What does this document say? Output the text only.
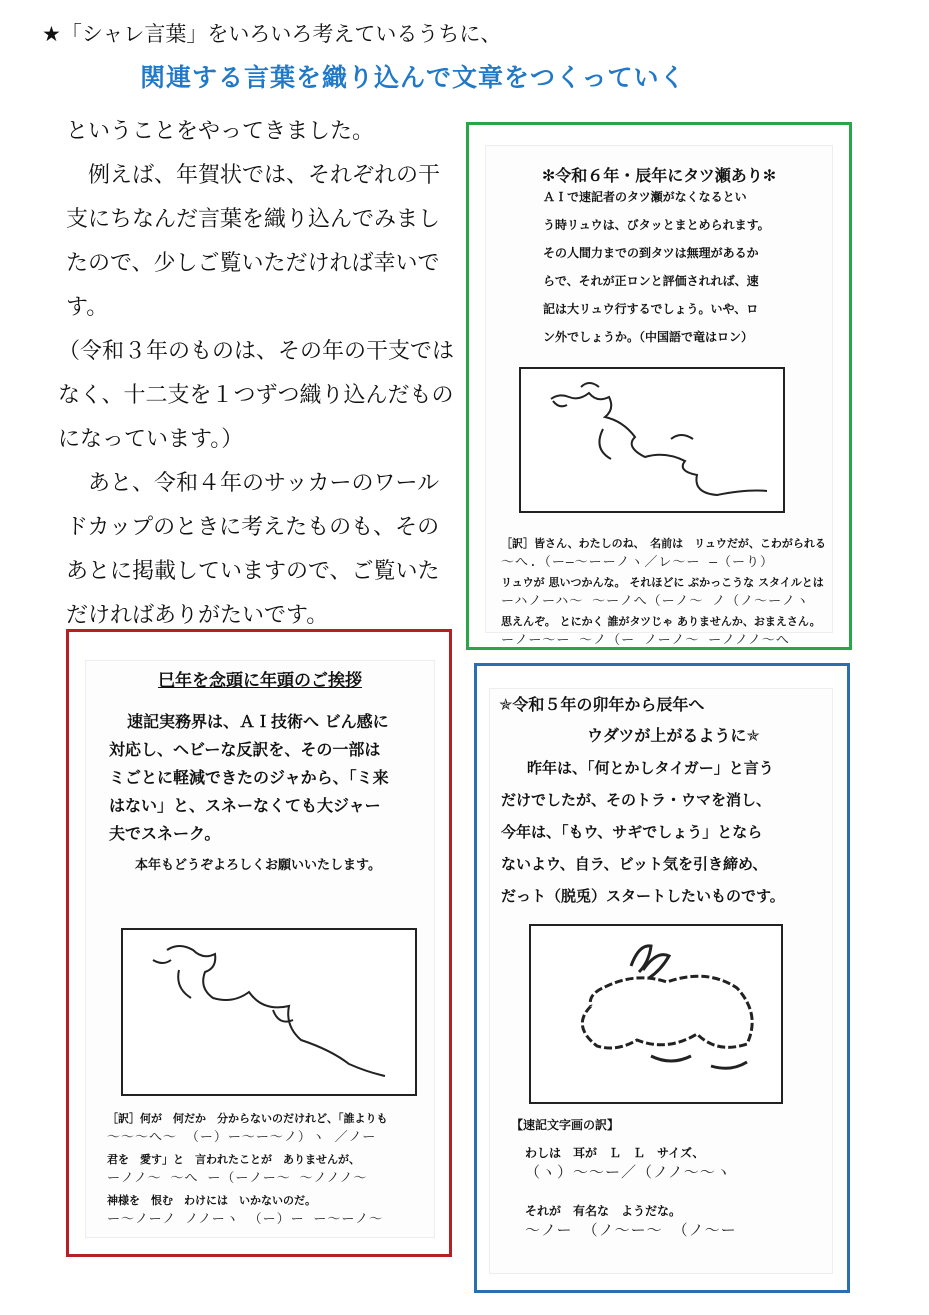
★「シャレ言葉」をいろいろ考えているうちに、
関連する言葉を織り込んで文章をつくっていく

ということをやってきました。

　例えば、年賀状では、それぞれの干支にちなんだ言葉を織り込んでみましたので、少しご覧いただければ幸いです。

（令和３年のものは、その年の干支ではなく、十二支を１つずつ織り込んだものになっています。）

　あと、令和４年のサッカーのワールドカップのときに考えたものも、そのあとに掲載していますので、ご覧いただければありがたいです。

✻令和６年・辰年にタツ瀬あり✻
ＡＩで速記者のタツ瀬がなくなるとい
う時リュウは、びタッとまとめられます。
その人間力までの到タツは無理があるか
らで、それが正ロンと評価されれば、速
記は大リュウ行するでしょう。いや、ロ
ン外でしょうか。（中国語で竜はロン）
［訳］皆さん、わたしのね、　名前は　リュウだが、こわがられる
〜へ.（ー―〜ーーノヽ／レ〜ー ―（ーり）
リュウが 思いつかんな。 それほどに ぶかっこうな スタイルとは
ーハノーハ〜 〜ーノへ（ーノ〜 ノ（ノ〜ーノヽ
思えんぞ。 とにかく 誰がタツじゃ ありませんか、おまえさん。
ーノー〜ー 〜ノ（ー ノーノ〜 ーノノノ〜へ
巳年を念頭に年頭のご挨拶
速記実務界は、ＡＩ技術へ ビん感に
対応し、ヘビーな反訳を、その一部は
ミごとに軽減できたのジャから、「ミ来
はない」と、スネーなくても大ジャー
夫でスネーク。
本年もどうぞよろしくお願いいたします。
［訳］何が　何だか　分からないのだけれど、「誰よりも
〜〜〜へ〜 （ー）ー〜ー〜ノ）ヽ ／ノー
君を　愛す」と　言われたことが　ありませんが、
ーノノ〜 〜へ ー（ーノー〜 〜ノノノ〜
神様を　恨む　わけには　いかないのだ。
ー〜ノーノ ノノーヽ （ー）ー ー〜ーノ〜
✯令和５年の卯年から辰年へ
ウダツが上がるように✯
昨年は、「何とかしタイガー」と言う
だけでしたが、そのトラ・ウマを消し、
今年は、「もウ、サギでしょう」となら
ないよウ、自ラ、ビット気を引き締め、
だっト（脱兎）スタートしたいものです。
【速記文字画の訳】
わしは　耳が　Ｌ　Ｌ　サイズ、
（ヽ）〜〜ー／（ノノ〜〜ヽ
それが　有名な　ようだな。
〜ノー （ノ〜ー〜 （ノ〜ー
